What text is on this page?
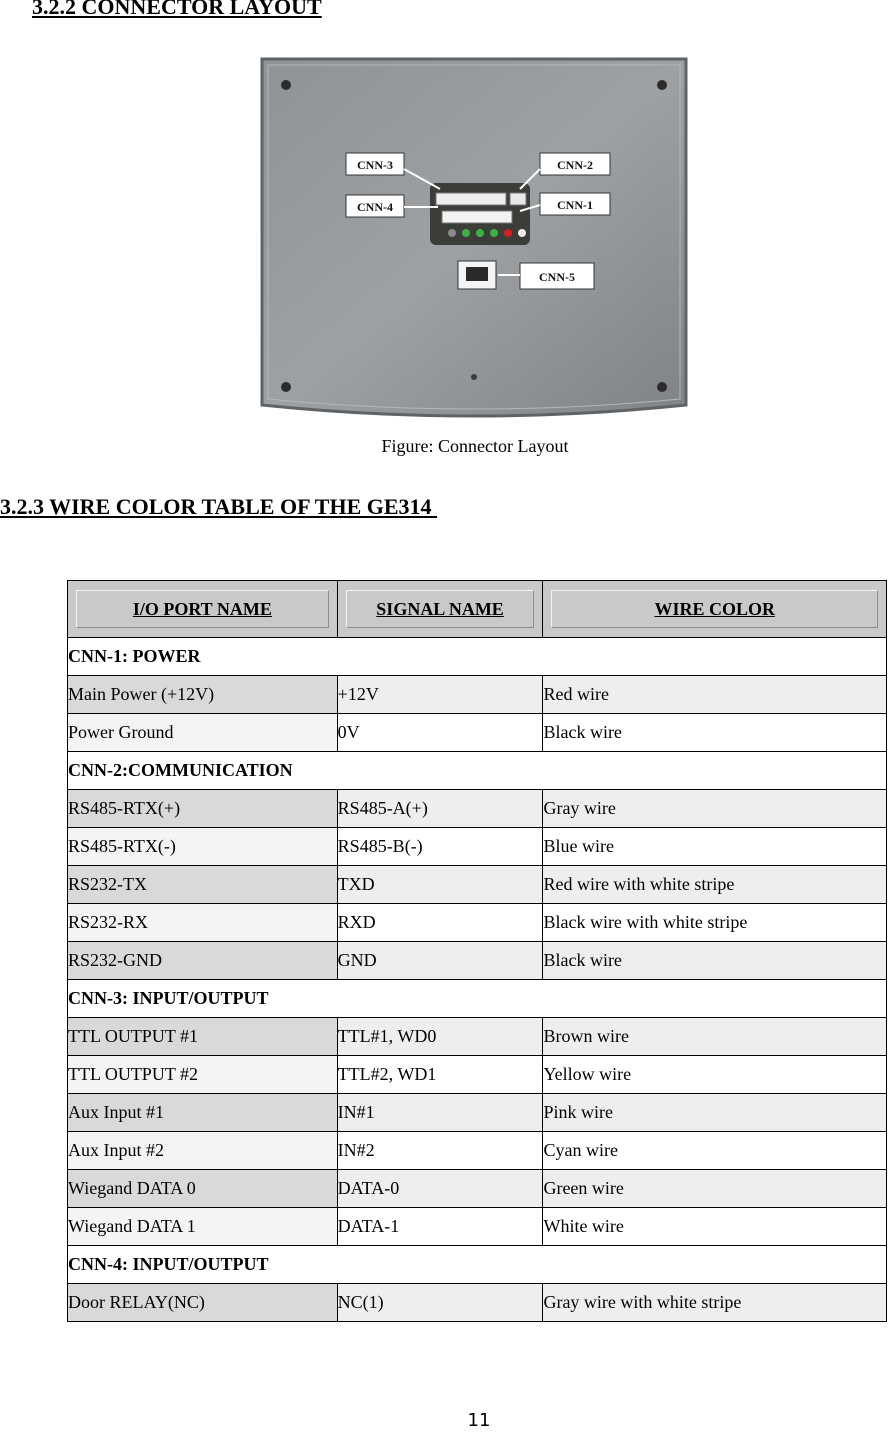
3.2.2 CONNECTOR LAYOUT
CNN-3	CNN-2
CNN-4	CNN-1
CNN-5
Figure: Connector Layout
3.2.3 WIRE COLOR TABLE OF THE GE314
I/O PORT NAME	SIGNAL NAME	WIRE COLOR

CNN-1: POWER		
Main Power (+12V)	+12V	Red wire
Power Ground	0V	Black wire
CNN-2:COMMUNICATION		
RS485-RTX(+)	RS485-A(+)	Gray wire
RS485-RTX(-)	RS485-B(-)	Blue wire
RS232-TX	TXD	Red wire with white stripe
RS232-RX	RXD	Black wire with white stripe
RS232-GND	GND	Black wire
CNN-3: INPUT/OUTPUT		
TTL OUTPUT #1	TTL#1, WD0	Brown wire
TTL OUTPUT #2	TTL#2, WD1	Yellow wire
Aux Input #1	IN#1	Pink wire
Aux Input #2	IN#2	Cyan wire
Wiegand DATA 0	DATA-0	Green wire
Wiegand DATA 1	DATA-1	White wire
CNN-4: INPUT/OUTPUT		
Door RELAY(NC)	NC(1)	Gray wire with white stripe
11
